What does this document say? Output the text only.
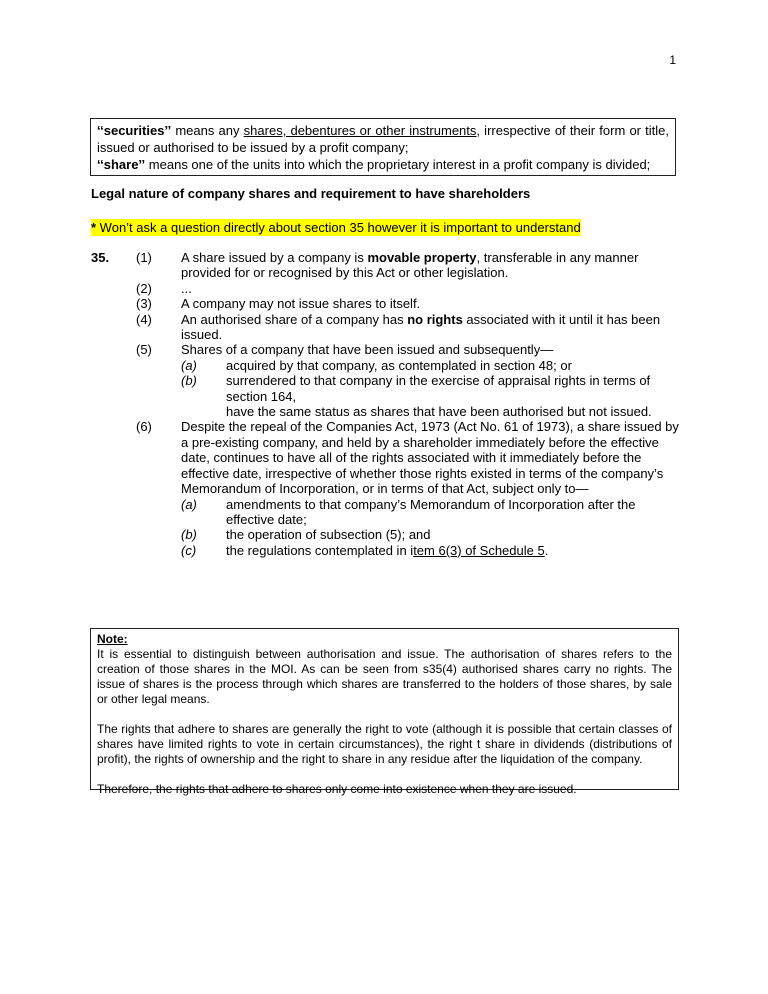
1

‘‘securities’’ means any shares, debentures or other instruments, irrespective of their form or title, issued or authorised to be issued by a profit company;

‘‘share’’ means one of the units into which the proprietary interest in a profit company is divided;

Legal nature of company shares and requirement to have shareholders
* Won’t ask a question directly about section 35 however it is important to understand
35. (1) A share issued by a company is movable property, transferable in any manner provided for or recognised by this Act or other legislation.
(2) ...
(3) A company may not issue shares to itself.
(4) An authorised share of a company has no rights associated with it until it has been issued.
(5) Shares of a company that have been issued and subsequently—
(a) acquired by that company, as contemplated in section 48; or
(b) surrendered to that company in the exercise of appraisal rights in terms of section 164,
have the same status as shares that have been authorised but not issued.
(6) Despite the repeal of the Companies Act, 1973 (Act No. 61 of 1973), a share issued by a pre-existing company, and held by a shareholder immediately before the effective date, continues to have all of the rights associated with it immediately before the effective date, irrespective of whether those rights existed in terms of the company’s Memorandum of Incorporation, or in terms of that Act, subject only to—
(a) amendments to that company’s Memorandum of Incorporation after the effective date;
(b) the operation of subsection (5); and
(c) the regulations contemplated in item 6(3) of Schedule 5.

Note:

It is essential to distinguish between authorisation and issue. The authorisation of shares refers to the creation of those shares in the MOI. As can be seen from s35(4) authorised shares carry no rights. The issue of shares is the process through which shares are transferred to the holders of those shares, by sale or other legal means.

The rights that adhere to shares are generally the right to vote (although it is possible that certain classes of shares have limited rights to vote in certain circumstances), the right t share in dividends (distributions of profit), the rights of ownership and the right to share in any residue after the liquidation of the company.

Therefore, the rights that adhere to shares only come into existence when they are issued.
